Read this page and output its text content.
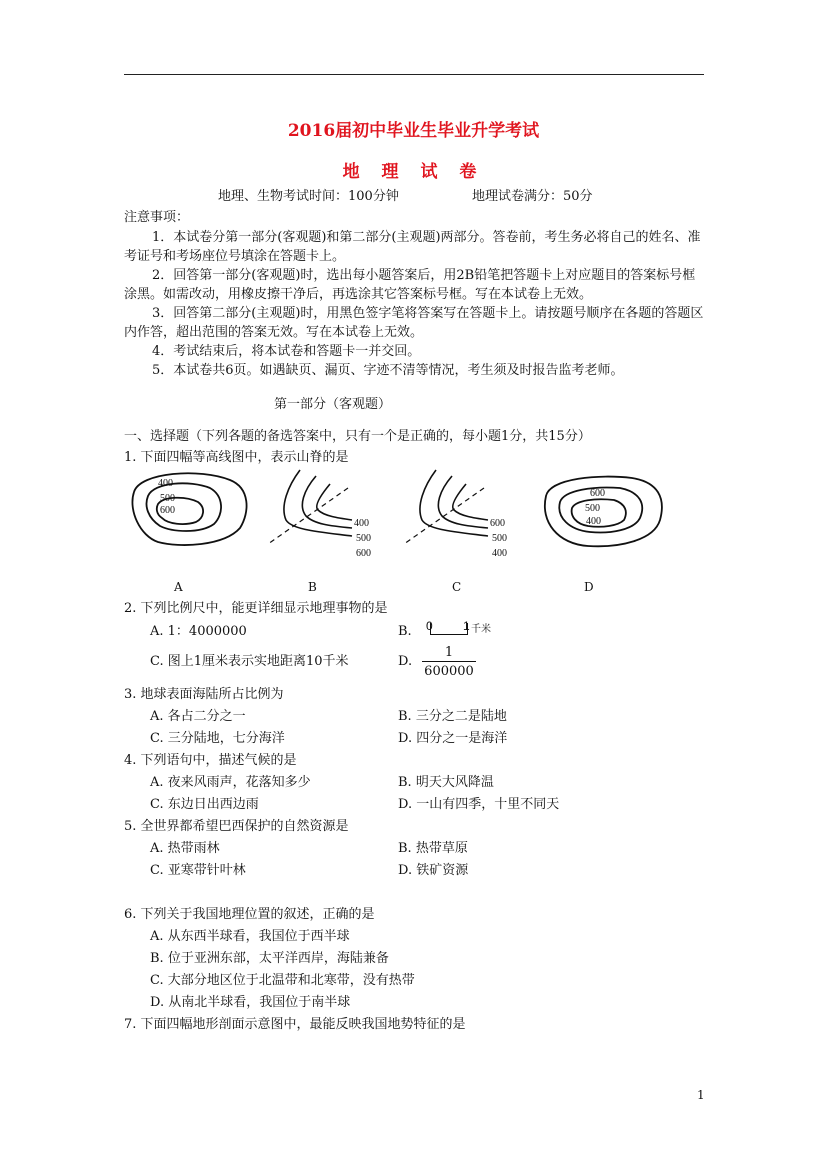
2016届初中毕业生毕业升学考试
地 理 试 卷
地理、生物考试时间：100分钟	地理试卷满分：50分
注意事项：
1．本试卷分第一部分(客观题)和第二部分(主观题)两部分。答卷前，考生务必将自己的姓名、准考证号和考场座位号填涂在答题卡上。
2．回答第一部分(客观题)时，选出每小题答案后，用2B铅笔把答题卡上对应题目的答案标号框涂黑。如需改动，用橡皮擦干净后，再选涂其它答案标号框。写在本试卷上无效。
3．回答第二部分(主观题)时，用黑色签字笔将答案写在答题卡上。请按题号顺序在各题的答题区内作答，超出范围的答案无效。写在本试卷上无效。
4．考试结束后，将本试卷和答题卡一并交回。
5．本试卷共6页。如遇缺页、漏页、字迹不清等情况，考生须及时报告监考老师。
第一部分（客观题）
一、选择题（下列各题的备选答案中，只有一个是正确的，每小题1分，共15分）
1. 下面四幅等高线图中，表示山脊的是
400
500
600
400
500
600
600
500
400
600
500
400
A	B	C	D
2. 下列比例尺中，能更详细显示地理事物的是
A. 1：4000000	B. 0	1 千米
C. 图上1厘米表示实地距离10千米	D. $\frac{1}{600000}$
3. 地球表面海陆所占比例为
A. 各占二分之一	B. 三分之二是陆地
C. 三分陆地，七分海洋	D. 四分之一是海洋
4. 下列语句中，描述气候的是
A. 夜来风雨声，花落知多少	B. 明天大风降温
C. 东边日出西边雨	D. 一山有四季，十里不同天
5. 全世界都希望巴西保护的自然资源是
A. 热带雨林	B. 热带草原
C. 亚寒带针叶林	D. 铁矿资源
6. 下列关于我国地理位置的叙述，正确的是
A. 从东西半球看，我国位于西半球
B. 位于亚洲东部，太平洋西岸，海陆兼备
C. 大部分地区位于北温带和北寒带，没有热带
D. 从南北半球看，我国位于南半球
7. 下面四幅地形剖面示意图中，最能反映我国地势特征的是
1
